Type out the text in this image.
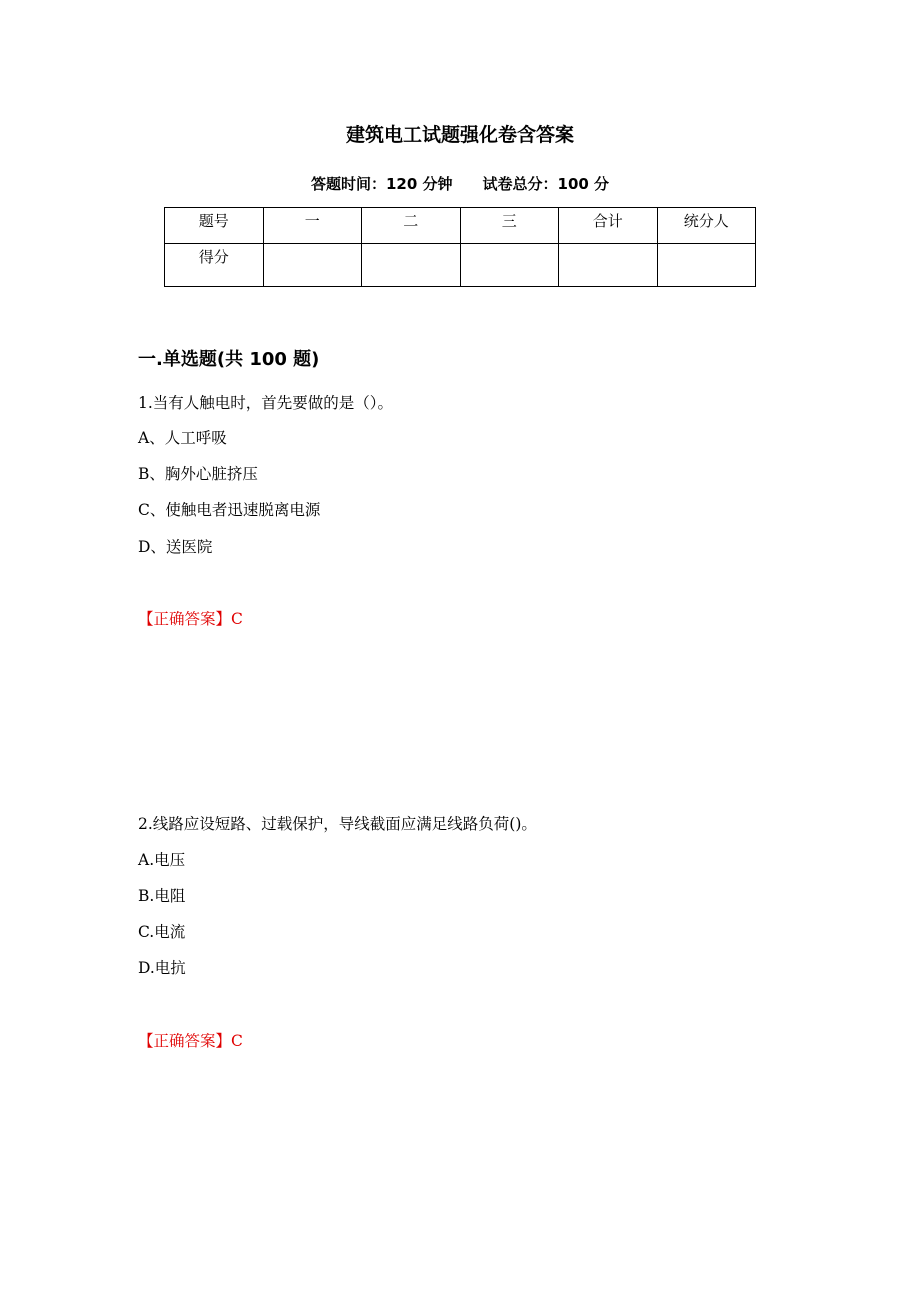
建筑电工试题强化卷含答案
答题时间：120 分钟 试卷总分：100 分
题号	一	二	三	合计	统分人
得分					
一.单选题(共 100 题)
1.当有人触电时，首先要做的是（）。
A、人工呼吸
B、胸外心脏挤压
C、使触电者迅速脱离电源
D、送医院
【正确答案】C
2.线路应设短路、过载保护，导线截面应满足线路负荷()。
A.电压
B.电阻
C.电流
D.电抗
【正确答案】C
